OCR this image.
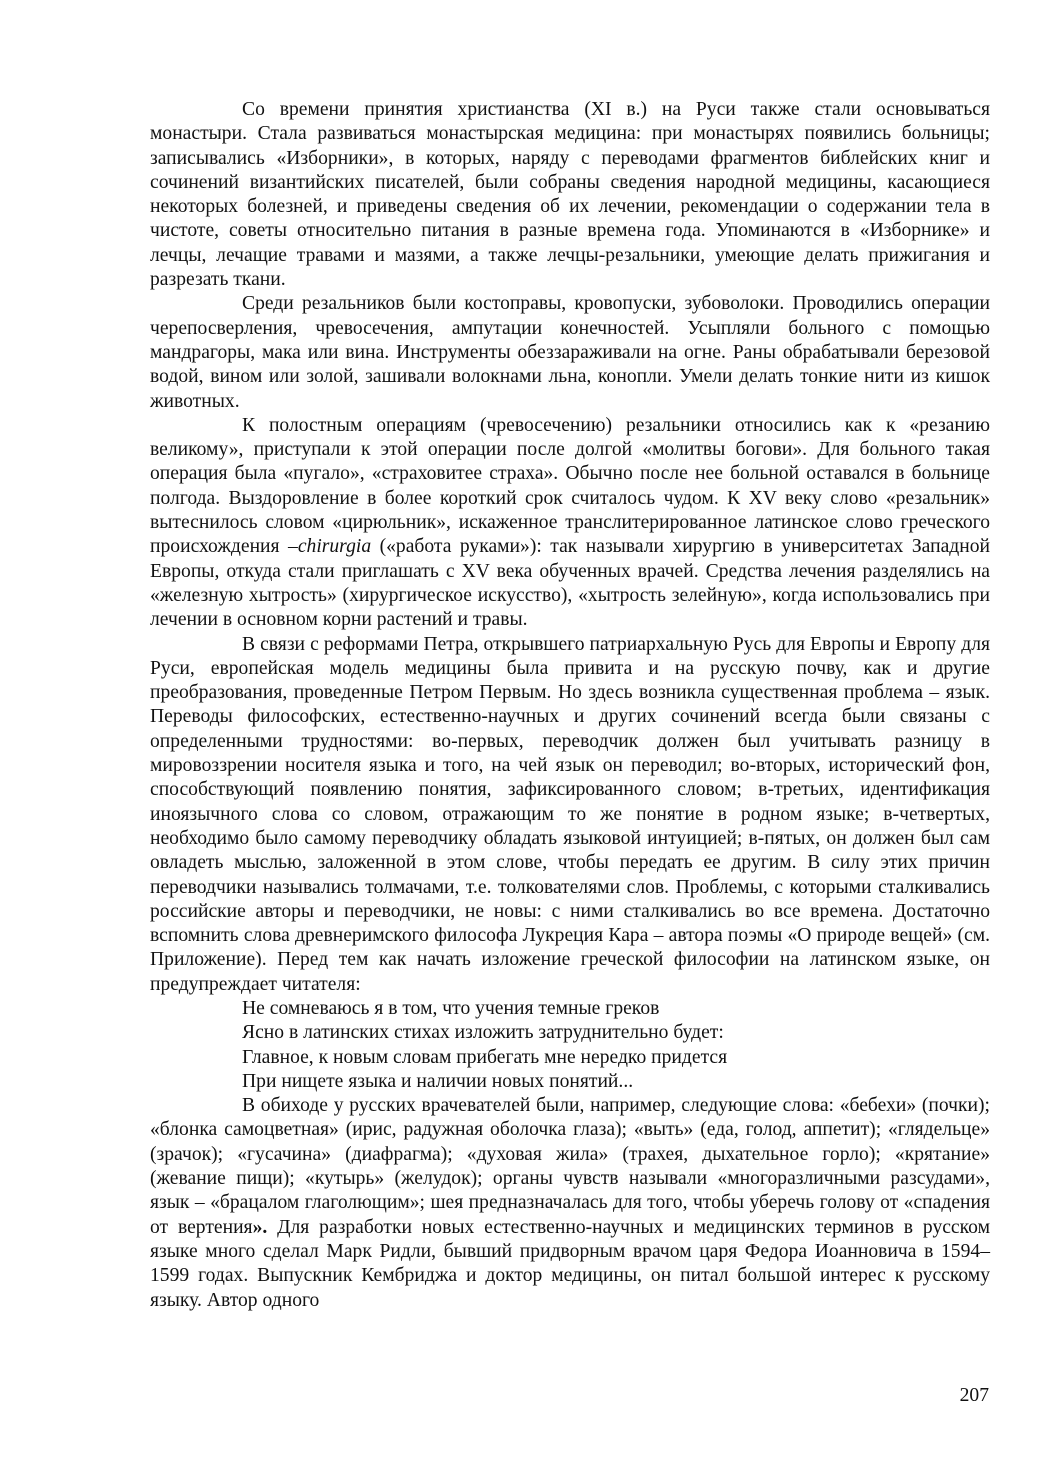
Со времени принятия христианства (XI в.) на Руси также стали основываться монастыри. Стала развиваться монастырская медицина: при монастырях появились больницы; записывались «Изборники», в которых, наряду с переводами фрагментов библейских книг и сочинений византийских писателей, были собраны сведения народной медицины, касающиеся некоторых болезней, и приведены сведения об их лечении, рекомендации о содержании тела в чистоте, советы относительно питания в разные времена года. Упоминаются в «Изборнике» и лечцы, лечащие травами и мазями, а также лечцы-резальники, умеющие делать прижигания и разрезать ткани.

Среди резальников были костоправы, кровопуски, зубоволоки. Проводились операции черепосверления, чревосечения, ампутации конечностей. Усыпляли больного с помощью мандрагоры, мака или вина. Инструменты обеззараживали на огне. Раны обрабатывали березовой водой, вином или золой, зашивали волокнами льна, конопли. Умели делать тонкие нити из кишок животных.

К полостным операциям (чревосечению) резальники относились как к «резанию великому», приступали к этой операции после долгой «молитвы богови». Для больного такая операция была «пугало», «страховитее страха». Обычно после нее больной оставался в больнице полгода. Выздоровление в более короткий срок считалось чудом. К XV веку слово «резальник» вытеснилось словом «цирюльник», искаженное транслитерированное латинское слово греческого происхождения –chirurgia («работа руками»): так называли хирургию в университетах Западной Европы, откуда стали приглашать с XV века обученных врачей. Средства лечения разделялись на «железную хытрость» (хирургическое искусство), «хытрость зелейную», когда использовались при лечении в основном корни растений и травы.

В связи с реформами Петра, открывшего патриархальную Русь для Европы и Европу для Руси, европейская модель медицины была привита и на русскую почву, как и другие преобразования, проведенные Петром Первым. Но здесь возникла существенная проблема – язык. Переводы философских, естественно-научных и других сочинений всегда были связаны с определенными трудностями: во-первых, переводчик должен был учитывать разницу в мировоззрении носителя языка и того, на чей язык он переводил; во-вторых, исторический фон, способствующий появлению понятия, зафиксированного словом; в-третьих, идентификация иноязычного слова со словом, отражающим то же понятие в родном языке; в-четвертых, необходимо было самому переводчику обладать языковой интуицией; в-пятых, он должен был сам овладеть мыслью, заложенной в этом слове, чтобы передать ее другим. В силу этих причин переводчики назывались толмачами, т.е. толкователями слов. Проблемы, с которыми сталкивались российские авторы и переводчики, не новы: с ними сталкивались во все времена. Достаточно вспомнить слова древнеримского философа Лукреция Кара – автора поэмы «О природе вещей» (см. Приложение). Перед тем как начать изложение греческой философии на латинском языке, он предупреждает читателя:

Не сомневаюсь я в том, что учения темные греков

Ясно в латинских стихах изложить затруднительно будет:

Главное, к новым словам прибегать мне нередко придется

При нищете языка и наличии новых понятий...

В обиходе у русских врачевателей были, например, следующие слова: «бебехи» (почки); «блонка самоцветная» (ирис, радужная оболочка глаза); «выть» (еда, голод, аппетит); «глядельце» (зрачок); «гусачина» (диафрагма); «духовая жила» (трахея, дыхательное горло); «крятание» (жевание пищи); «кутырь» (желудок); органы чувств называли «многоразличными разсудами», язык – «брацалом глаголющим»; шея предназначалась для того, чтобы уберечь голову от «спадения от вертения». Для разработки новых естественно-научных и медицинских терминов в русском языке много сделал Марк Ридли, бывший придворным врачом царя Федора Иоанновича в 1594–1599 годах. Выпускник Кембриджа и доктор медицины, он питал большой интерес к русскому языку. Автор одного

207
